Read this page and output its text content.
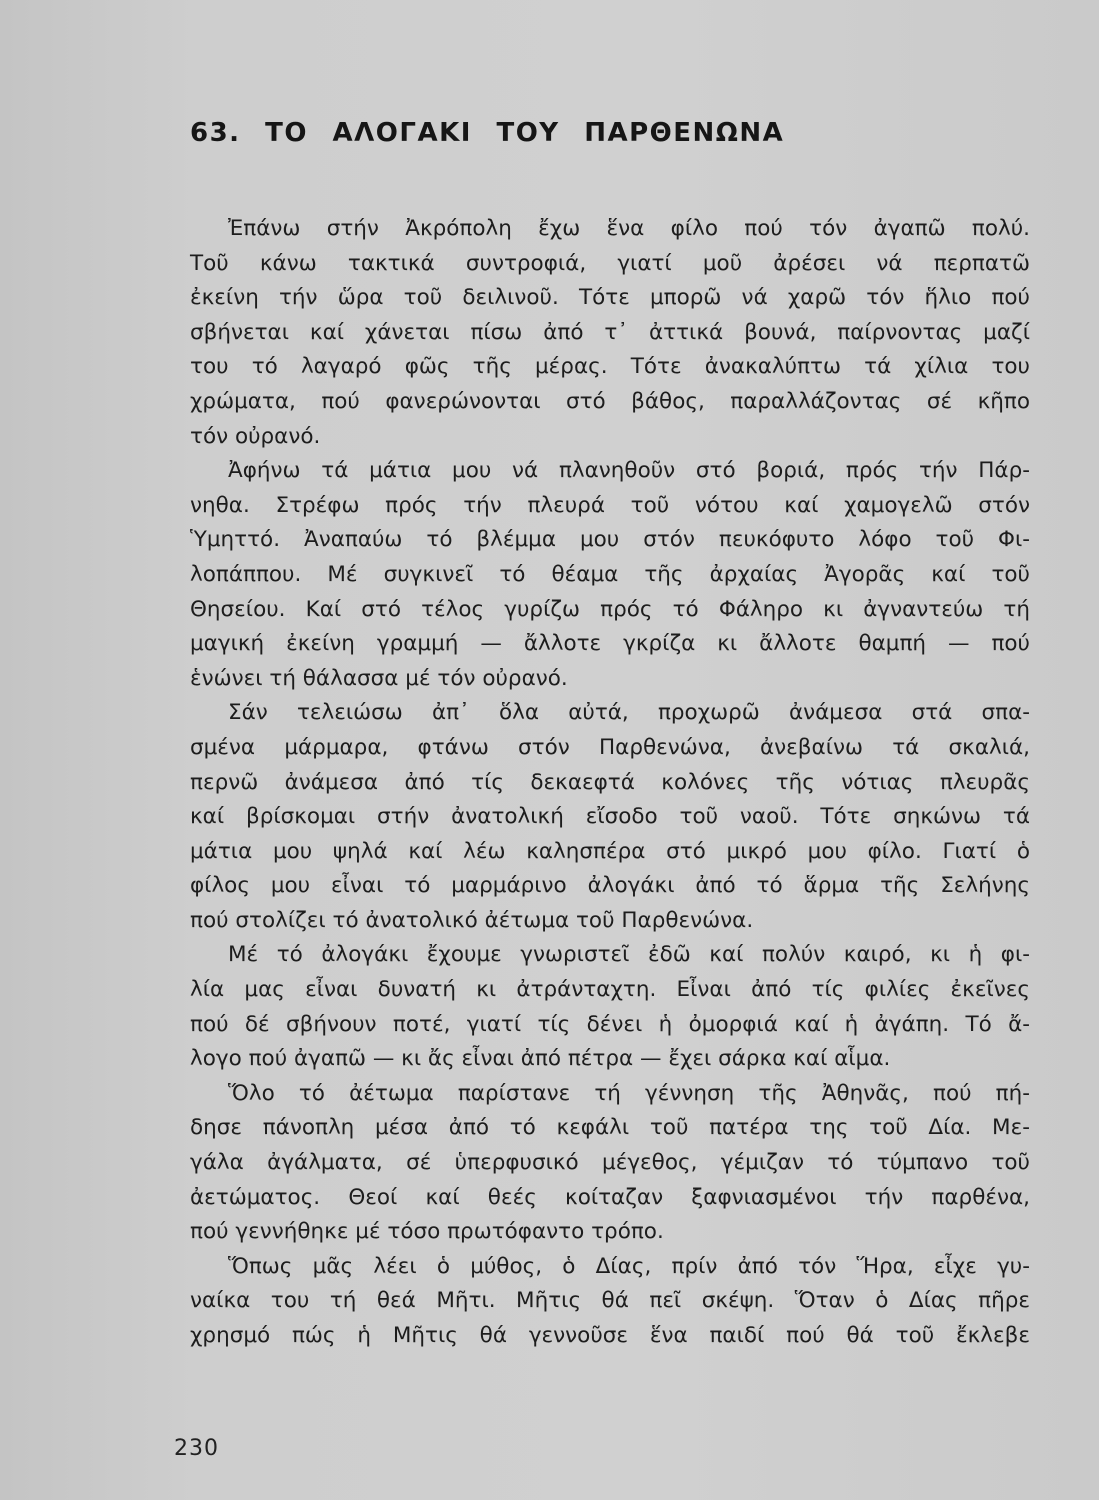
63. ΤΟ ΑΛΟΓΑΚΙ ΤΟΥ ΠΑΡΘΕΝΩΝΑ

Ἐπάνω στήν Ἀκρόπολη ἔχω ἕνα φίλο πού τόν ἀγαπῶ πολύ.
Τοῦ κάνω τακτικά συντροφιά, γιατί μοῦ ἀρέσει νά περπατῶ
ἐκείνη τήν ὥρα τοῦ δειλινοῦ. Τότε μπορῶ νά χαρῶ τόν ἥλιο πού
σβήνεται καί χάνεται πίσω ἀπό τ᾿ ἀττικά βουνά, παίρνοντας μαζί
του τό λαγαρό φῶς τῆς μέρας. Τότε ἀνακαλύπτω τά χίλια του
χρώματα, πού φανερώνονται στό βάθος, παραλλάζοντας σέ κῆπο
τόν οὐρανό.

Ἀφήνω τά μάτια μου νά πλανηθοῦν στό βοριά, πρός τήν Πάρ-
νηθα. Στρέφω πρός τήν πλευρά τοῦ νότου καί χαμογελῶ στόν
Ὑμηττό. Ἀναπαύω τό βλέμμα μου στόν πευκόφυτο λόφο τοῦ Φι-
λοπάππου. Μέ συγκινεῖ τό θέαμα τῆς ἀρχαίας Ἀγορᾶς καί τοῦ
Θησείου. Καί στό τέλος γυρίζω πρός τό Φάληρο κι ἀγναντεύω τή
μαγική ἐκείνη γραμμή — ἄλλοτε γκρίζα κι ἄλλοτε θαμπή — πού
ἑνώνει τή θάλασσα μέ τόν οὐρανό.

Σάν τελειώσω ἀπ᾿ ὅλα αὐτά, προχωρῶ ἀνάμεσα στά σπα-
σμένα μάρμαρα, φτάνω στόν Παρθενώνα, ἀνεβαίνω τά σκαλιά,
περνῶ ἀνάμεσα ἀπό τίς δεκαεφτά κολόνες τῆς νότιας πλευρᾶς
καί βρίσκομαι στήν ἀνατολική εἴσοδο τοῦ ναοῦ. Τότε σηκώνω τά
μάτια μου ψηλά καί λέω καλησπέρα στό μικρό μου φίλο. Γιατί ὁ
φίλος μου εἶναι τό μαρμάρινο ἀλογάκι ἀπό τό ἅρμα τῆς Σελήνης
πού στολίζει τό ἀνατολικό ἀέτωμα τοῦ Παρθενώνα.

Μέ τό ἀλογάκι ἔχουμε γνωριστεῖ ἐδῶ καί πολύν καιρό, κι ἡ φι-
λία μας εἶναι δυνατή κι ἀτράνταχτη. Εἶναι ἀπό τίς φιλίες ἐκεῖνες
πού δέ σβήνουν ποτέ, γιατί τίς δένει ἡ ὀμορφιά καί ἡ ἀγάπη. Τό ἄ-
λογο πού ἀγαπῶ — κι ἄς εἶναι ἀπό πέτρα — ἔχει σάρκα καί αἷμα.

Ὅλο τό ἀέτωμα παρίστανε τή γέννηση τῆς Ἀθηνᾶς, πού πή-
δησε πάνοπλη μέσα ἀπό τό κεφάλι τοῦ πατέρα της τοῦ Δία. Με-
γάλα ἀγάλματα, σέ ὑπερφυσικό μέγεθος, γέμιζαν τό τύμπανο τοῦ
ἀετώματος. Θεοί καί θεές κοίταζαν ξαφνιασμένοι τήν παρθένα,
πού γεννήθηκε μέ τόσο πρωτόφαντο τρόπο.

Ὅπως μᾶς λέει ὁ μύθος, ὁ Δίας, πρίν ἀπό τόν Ἥρα, εἶχε γυ-
ναίκα του τή θεά Μῆτι. Μῆτις θά πεῖ σκέψη. Ὅταν ὁ Δίας πῆρε
χρησμό πώς ἡ Μῆτις θά γεννοῦσε ἕνα παιδί πού θά τοῦ ἔκλεβε

230
